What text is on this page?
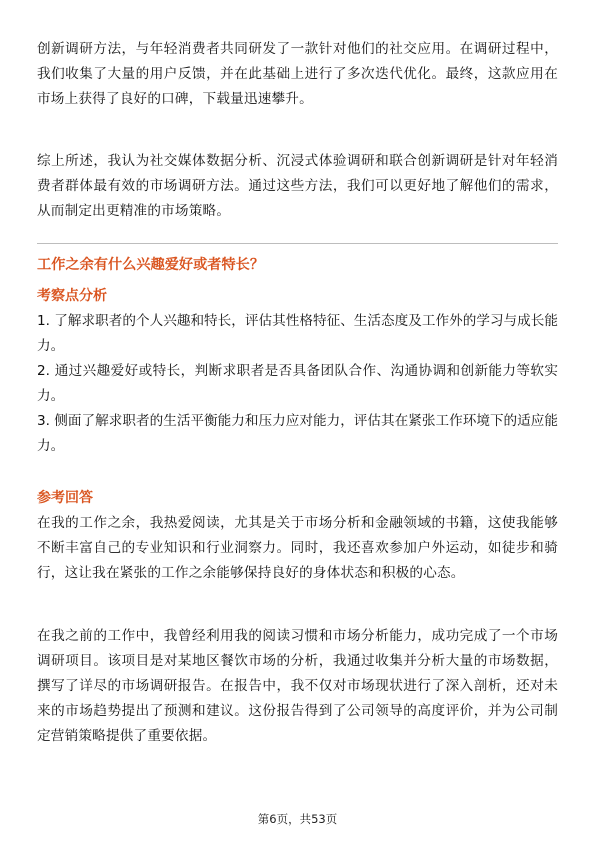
创新调研方法，与年轻消费者共同研发了一款针对他们的社交应用。在调研过程中，我们收集了大量的用户反馈，并在此基础上进行了多次迭代优化。最终，这款应用在市场上获得了良好的口碑，下载量迅速攀升。

综上所述，我认为社交媒体数据分析、沉浸式体验调研和联合创新调研是针对年轻消费者群体最有效的市场调研方法。通过这些方法，我们可以更好地了解他们的需求，从而制定出更精准的市场策略。

工作之余有什么兴趣爱好或者特长？

考察点分析

1. 了解求职者的个人兴趣和特长，评估其性格特征、生活态度及工作外的学习与成长能力。

2. 通过兴趣爱好或特长，判断求职者是否具备团队合作、沟通协调和创新能力等软实力。

3. 侧面了解求职者的生活平衡能力和压力应对能力，评估其在紧张工作环境下的适应能力。

参考回答

在我的工作之余，我热爱阅读，尤其是关于市场分析和金融领域的书籍，这使我能够不断丰富自己的专业知识和行业洞察力。同时，我还喜欢参加户外运动，如徒步和骑行，这让我在紧张的工作之余能够保持良好的身体状态和积极的心态。

在我之前的工作中，我曾经利用我的阅读习惯和市场分析能力，成功完成了一个市场调研项目。该项目是对某地区餐饮市场的分析，我通过收集并分析大量的市场数据，撰写了详尽的市场调研报告。在报告中，我不仅对市场现状进行了深入剖析，还对未来的市场趋势提出了预测和建议。这份报告得到了公司领导的高度评价，并为公司制定营销策略提供了重要依据。

第6页，共53页
